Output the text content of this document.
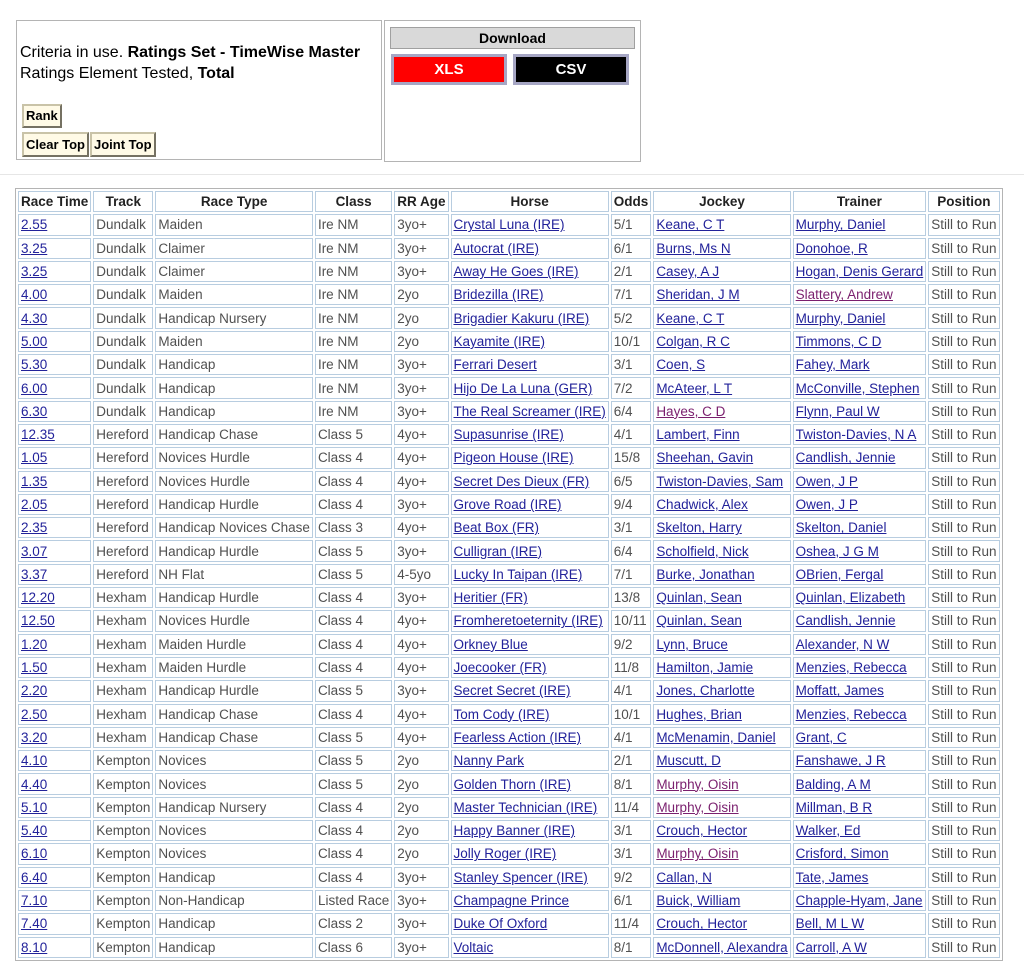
Criteria in use. Ratings Set - TimeWise Master
Ratings Element Tested, Total
Rank
Clear Top Joint Top
Download
XLS	CSV
Race Time	Track	Race Type	Class	RR Age	Horse	Odds	Jockey	Trainer	Position
2.55	Dundalk	Maiden	Ire NM	3yo+	Crystal Luna (IRE)	5/1	Keane, C T	Murphy, Daniel	Still to Run
3.25	Dundalk	Claimer	Ire NM	3yo+	Autocrat (IRE)	6/1	Burns, Ms N	Donohoe, R	Still to Run
3.25	Dundalk	Claimer	Ire NM	3yo+	Away He Goes (IRE)	2/1	Casey, A J	Hogan, Denis Gerard	Still to Run
4.00	Dundalk	Maiden	Ire NM	2yo	Bridezilla (IRE)	7/1	Sheridan, J M	Slattery, Andrew	Still to Run
4.30	Dundalk	Handicap Nursery	Ire NM	2yo	Brigadier Kakuru (IRE)	5/2	Keane, C T	Murphy, Daniel	Still to Run
5.00	Dundalk	Maiden	Ire NM	2yo	Kayamite (IRE)	10/1	Colgan, R C	Timmons, C D	Still to Run
5.30	Dundalk	Handicap	Ire NM	3yo+	Ferrari Desert	3/1	Coen, S	Fahey, Mark	Still to Run
6.00	Dundalk	Handicap	Ire NM	3yo+	Hijo De La Luna (GER)	7/2	McAteer, L T	McConville, Stephen	Still to Run
6.30	Dundalk	Handicap	Ire NM	3yo+	The Real Screamer (IRE)	6/4	Hayes, C D	Flynn, Paul W	Still to Run
12.35	Hereford	Handicap Chase	Class 5	4yo+	Supasunrise (IRE)	4/1	Lambert, Finn	Twiston-Davies, N A	Still to Run
1.05	Hereford	Novices Hurdle	Class 4	4yo+	Pigeon House (IRE)	15/8	Sheehan, Gavin	Candlish, Jennie	Still to Run
1.35	Hereford	Novices Hurdle	Class 4	4yo+	Secret Des Dieux (FR)	6/5	Twiston-Davies, Sam	Owen, J P	Still to Run
2.05	Hereford	Handicap Hurdle	Class 4	3yo+	Grove Road (IRE)	9/4	Chadwick, Alex	Owen, J P	Still to Run
2.35	Hereford	Handicap Novices Chase	Class 3	4yo+	Beat Box (FR)	3/1	Skelton, Harry	Skelton, Daniel	Still to Run
3.07	Hereford	Handicap Hurdle	Class 5	3yo+	Culligran (IRE)	6/4	Scholfield, Nick	Oshea, J G M	Still to Run
3.37	Hereford	NH Flat	Class 5	4-5yo	Lucky In Taipan (IRE)	7/1	Burke, Jonathan	OBrien, Fergal	Still to Run
12.20	Hexham	Handicap Hurdle	Class 4	3yo+	Heritier (FR)	13/8	Quinlan, Sean	Quinlan, Elizabeth	Still to Run
12.50	Hexham	Novices Hurdle	Class 4	4yo+	Fromheretoeternity (IRE)	10/11	Quinlan, Sean	Candlish, Jennie	Still to Run
1.20	Hexham	Maiden Hurdle	Class 4	4yo+	Orkney Blue	9/2	Lynn, Bruce	Alexander, N W	Still to Run
1.50	Hexham	Maiden Hurdle	Class 4	4yo+	Joecooker (FR)	11/8	Hamilton, Jamie	Menzies, Rebecca	Still to Run
2.20	Hexham	Handicap Hurdle	Class 5	3yo+	Secret Secret (IRE)	4/1	Jones, Charlotte	Moffatt, James	Still to Run
2.50	Hexham	Handicap Chase	Class 4	4yo+	Tom Cody (IRE)	10/1	Hughes, Brian	Menzies, Rebecca	Still to Run
3.20	Hexham	Handicap Chase	Class 5	4yo+	Fearless Action (IRE)	4/1	McMenamin, Daniel	Grant, C	Still to Run
4.10	Kempton	Novices	Class 5	2yo	Nanny Park	2/1	Muscutt, D	Fanshawe, J R	Still to Run
4.40	Kempton	Novices	Class 5	2yo	Golden Thorn (IRE)	8/1	Murphy, Oisin	Balding, A M	Still to Run
5.10	Kempton	Handicap Nursery	Class 4	2yo	Master Technician (IRE)	11/4	Murphy, Oisin	Millman, B R	Still to Run
5.40	Kempton	Novices	Class 4	2yo	Happy Banner (IRE)	3/1	Crouch, Hector	Walker, Ed	Still to Run
6.10	Kempton	Novices	Class 4	2yo	Jolly Roger (IRE)	3/1	Murphy, Oisin	Crisford, Simon	Still to Run
6.40	Kempton	Handicap	Class 4	3yo+	Stanley Spencer (IRE)	9/2	Callan, N	Tate, James	Still to Run
7.10	Kempton	Non-Handicap	Listed Race	3yo+	Champagne Prince	6/1	Buick, William	Chapple-Hyam, Jane	Still to Run
7.40	Kempton	Handicap	Class 2	3yo+	Duke Of Oxford	11/4	Crouch, Hector	Bell, M L W	Still to Run
8.10	Kempton	Handicap	Class 6	3yo+	Voltaic	8/1	McDonnell, Alexandra	Carroll, A W	Still to Run
